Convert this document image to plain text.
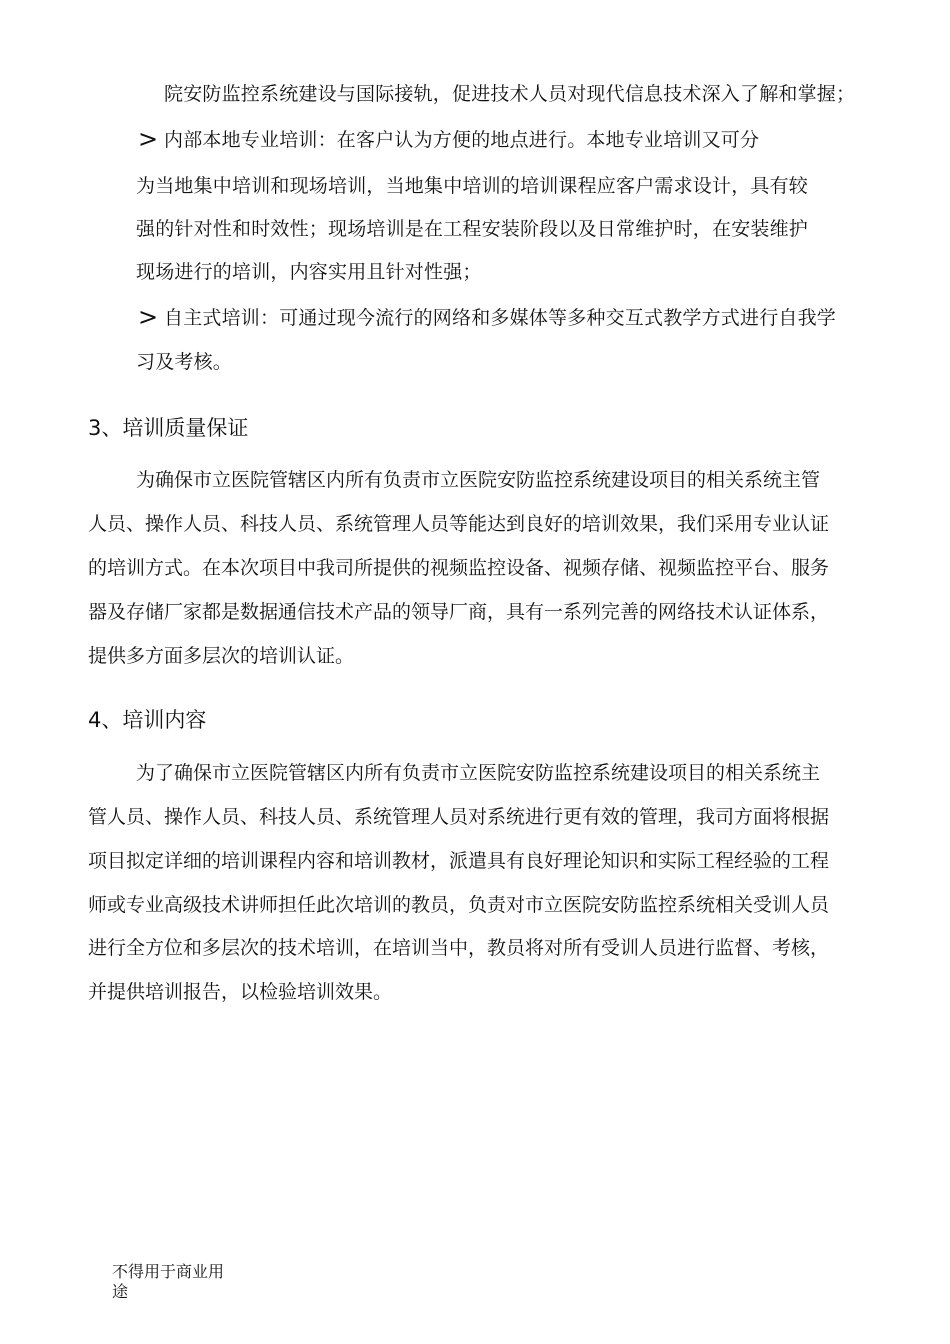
院安防监控系统建设与国际接轨，促进技术人员对现代信息技术深入了解和掌握；
> 内部本地专业培训：在客户认为方便的地点进行。本地专业培训又可分
为当地集中培训和现场培训，当地集中培训的培训课程应客户需求设计，具有较
强的针对性和时效性；现场培训是在工程安装阶段以及日常维护时，在安装维护
现场进行的培训，内容实用且针对性强；
> 自主式培训：可通过现今流行的网络和多媒体等多种交互式教学方式进行自我学
习及考核。
3、培训质量保证
为确保市立医院管辖区内所有负责市立医院安防监控系统建设项目的相关系统主管
人员、操作人员、科技人员、系统管理人员等能达到良好的培训效果，我们采用专业认证
的培训方式。在本次项目中我司所提供的视频监控设备、视频存储、视频监控平台、服务
器及存储厂家都是数据通信技术产品的领导厂商，具有一系列完善的网络技术认证体系，
提供多方面多层次的培训认证。
4、培训内容
为了确保市立医院管辖区内所有负责市立医院安防监控系统建设项目的相关系统主
管人员、操作人员、科技人员、系统管理人员对系统进行更有效的管理，我司方面将根据
项目拟定详细的培训课程内容和培训教材，派遣具有良好理论知识和实际工程经验的工程
师或专业高级技术讲师担任此次培训的教员，负责对市立医院安防监控系统相关受训人员
进行全方位和多层次的技术培训，在培训当中，教员将对所有受训人员进行监督、考核，
并提供培训报告，以检验培训效果。
不得用于商业用
途
